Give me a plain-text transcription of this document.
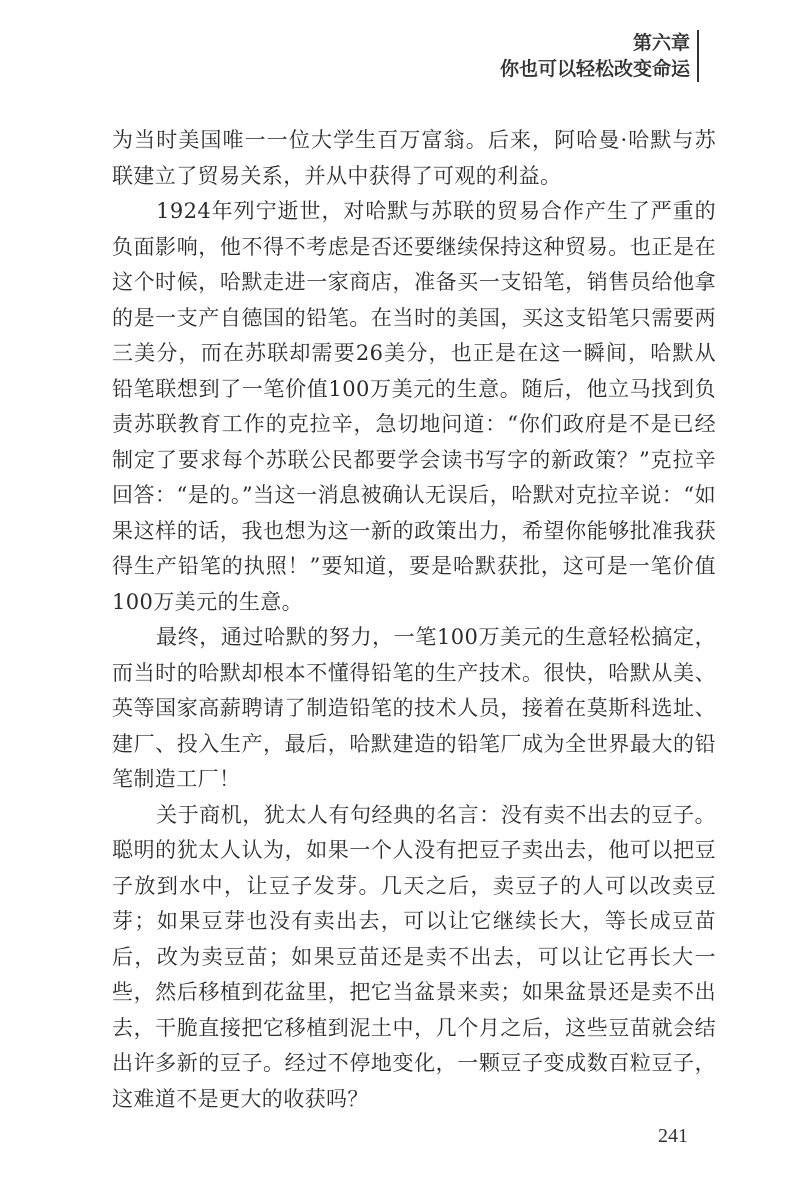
第六章
你也可以轻松改变命运

为当时美国唯一一位大学生百万富翁。后来，阿哈曼·哈默与苏联建立了贸易关系，并从中获得了可观的利益。

1924年列宁逝世，对哈默与苏联的贸易合作产生了严重的负面影响，他不得不考虑是否还要继续保持这种贸易。也正是在这个时候，哈默走进一家商店，准备买一支铅笔，销售员给他拿的是一支产自德国的铅笔。在当时的美国，买这支铅笔只需要两三美分，而在苏联却需要26美分，也正是在这一瞬间，哈默从铅笔联想到了一笔价值100万美元的生意。随后，他立马找到负责苏联教育工作的克拉辛，急切地问道：“你们政府是不是已经制定了要求每个苏联公民都要学会读书写字的新政策？”克拉辛回答：“是的。”当这一消息被确认无误后，哈默对克拉辛说：“如果这样的话，我也想为这一新的政策出力，希望你能够批准我获得生产铅笔的执照！”要知道，要是哈默获批，这可是一笔价值100万美元的生意。

最终，通过哈默的努力，一笔100万美元的生意轻松搞定，而当时的哈默却根本不懂得铅笔的生产技术。很快，哈默从美、英等国家高薪聘请了制造铅笔的技术人员，接着在莫斯科选址、建厂、投入生产，最后，哈默建造的铅笔厂成为全世界最大的铅笔制造工厂！

关于商机，犹太人有句经典的名言：没有卖不出去的豆子。聪明的犹太人认为，如果一个人没有把豆子卖出去，他可以把豆子放到水中，让豆子发芽。几天之后，卖豆子的人可以改卖豆芽；如果豆芽也没有卖出去，可以让它继续长大，等长成豆苗后，改为卖豆苗；如果豆苗还是卖不出去，可以让它再长大一些，然后移植到花盆里，把它当盆景来卖；如果盆景还是卖不出去，干脆直接把它移植到泥土中，几个月之后，这些豆苗就会结出许多新的豆子。经过不停地变化，一颗豆子变成数百粒豆子，这难道不是更大的收获吗？

241
